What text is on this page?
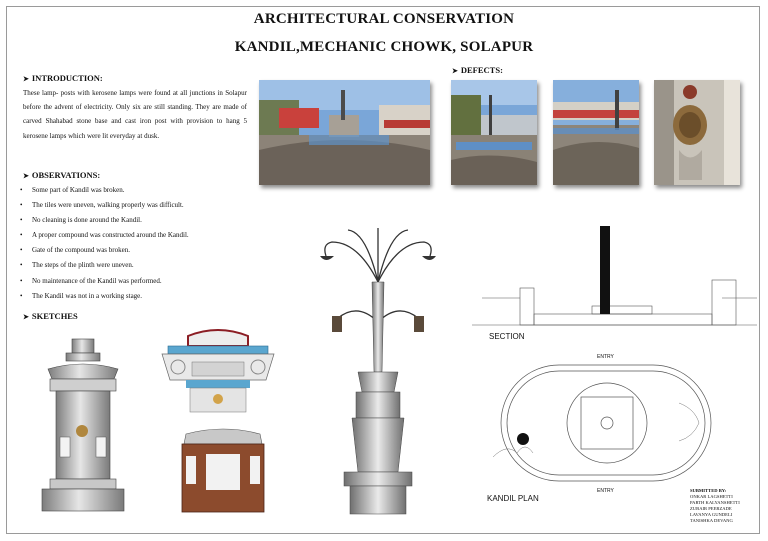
ARCHITECTURAL CONSERVATION
KANDIL,MECHANIC CHOWK, SOLAPUR
➤ INTRODUCTION:
These lamp- posts with kerosene lamps were found at all junctions in Solapur before the advent of electricity. Only six are still standing. They are made of carved Shahabad stone base and cast iron post with provision to hang 5 kerosene lamps which were lit everyday at dusk.
➤ OBSERVATIONS:
• Some part of Kandil was broken.
• The tiles were uneven, walking properly was difficult.
• No cleaning is done around the Kandil.
• A proper compound was constructed around the Kandil.
• Gate of the compound was broken.
• The steps of the plinth were uneven.
• No maintenance of the Kandil was performed.
• The Kandil was not in a working stage.
➤ SKETCHES
➤ DEFECTS:
SECTION
ENTRY
ENTRY
KANDIL PLAN
SUBMITTED BY:
ONKAR LAGSHETTI
PARTH KALYANSHETTI
ZUBAIR PEERZADE
LAVANYA GUNDELI
TANISHKA DEVANG
